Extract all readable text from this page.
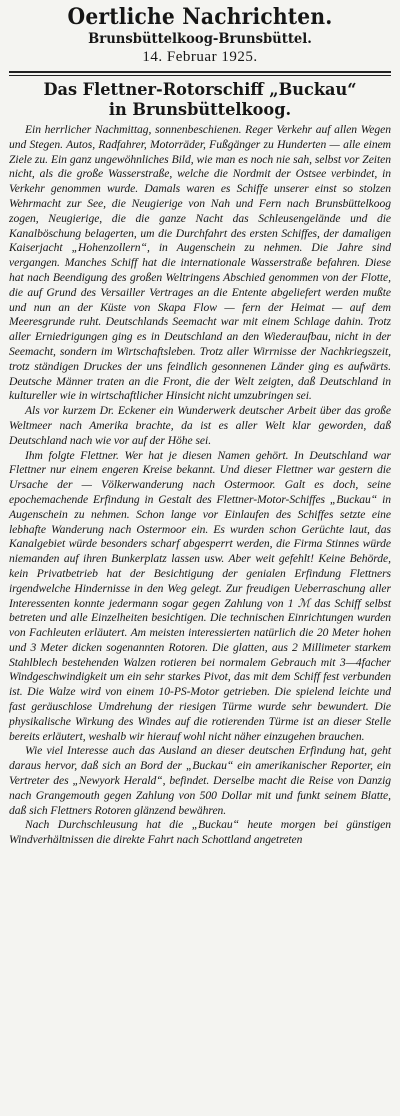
Oertliche Nachrichten.
Brunsbüttelkoog-Brunsbüttel.
14. Februar 1925.
Das Flettner-Rotorschiff „Buckau“
in Brunsbüttelkoog.

Ein herrlicher Nachmittag, sonnenbeschienen. Reger Verkehr auf allen Wegen und Stegen. Autos, Radfahrer, Motorräder, Fußgänger zu Hunderten — alle einem Ziele zu. Ein ganz ungewöhnliches Bild, wie man es noch nie sah, selbst vor Zeiten nicht, als die große Wasserstraße, welche die Nordmit der Ostsee verbindet, in Verkehr genommen wurde. Damals waren es Schiffe unserer einst so stolzen Wehrmacht zur See, die Neugierige von Nah und Fern nach Brunsbüttelkoog zogen, Neugierige, die die ganze Nacht das Schleusengelände und die Kanalböschung belagerten, um die Durchfahrt des ersten Schiffes, der damaligen Kaiserjacht „Hohenzollern“, in Augenschein zu nehmen. Die Jahre sind vergangen. Manches Schiff hat die internationale Wasserstraße befahren. Diese hat nach Beendigung des großen Weltringens Abschied genommen von der Flotte, die auf Grund des Versailler Vertrages an die Entente abgeliefert werden mußte und nun an der Küste von Skapa Flow — fern der Heimat — auf dem Meeresgrunde ruht. Deutschlands Seemacht war mit einem Schlage dahin. Trotz aller Erniedrigungen ging es in Deutschland an den Wiederaufbau, nicht in der Seemacht, sondern im Wirtschaftsleben. Trotz aller Wirrnisse der Nachkriegszeit, trotz ständigen Druckes der uns feindlich gesonnenen Länder ging es aufwärts. Deutsche Männer traten an die Front, die der Welt zeigten, daß Deutschland in kultureller wie in wirtschaftlicher Hinsicht nicht umzubringen sei.

Als vor kurzem Dr. Eckener ein Wunderwerk deutscher Arbeit über das große Weltmeer nach Amerika brachte, da ist es aller Welt klar geworden, daß Deutschland nach wie vor auf der Höhe sei.

Ihm folgte Flettner. Wer hat je diesen Namen gehört. In Deutschland war Flettner nur einem engeren Kreise bekannt. Und dieser Flettner war gestern die Ursache der — Völkerwanderung nach Ostermoor. Galt es doch, seine epochemachende Erfindung in Gestalt des Flettner-Motor-Schiffes „Buckau“ in Augenschein zu nehmen. Schon lange vor Einlaufen des Schiffes setzte eine lebhafte Wanderung nach Ostermoor ein. Es wurden schon Gerüchte laut, das Kanalgebiet würde besonders scharf abgesperrt werden, die Firma Stinnes würde niemanden auf ihren Bunkerplatz lassen usw. Aber weit gefehlt! Keine Behörde, kein Privatbetrieb hat der Besichtigung der genialen Erfindung Flettners irgendwelche Hindernisse in den Weg gelegt. Zur freudigen Ueberraschung aller Interessenten konnte jedermann sogar gegen Zahlung von 1 ℳ das Schiff selbst betreten und alle Einzelheiten besichtigen. Die technischen Einrichtungen wurden von Fachleuten erläutert. Am meisten interessierten natürlich die 20 Meter hohen und 3 Meter dicken sogenannten Rotoren. Die glatten, aus 2 Millimeter starkem Stahlblech bestehenden Walzen rotieren bei normalem Gebrauch mit 3—4facher Windgeschwindigkeit um ein sehr starkes Pivot, das mit dem Schiff fest verbunden ist. Die Walze wird von einem 10-PS-Motor getrieben. Die spielend leichte und fast geräuschlose Umdrehung der riesigen Türme wurde sehr bewundert. Die physikalische Wirkung des Windes auf die rotierenden Türme ist an dieser Stelle bereits erläutert, weshalb wir hierauf wohl nicht näher einzugehen brauchen.

Wie viel Interesse auch das Ausland an dieser deutschen Erfindung hat, geht daraus hervor, daß sich an Bord der „Buckau“ ein amerikanischer Reporter, ein Vertreter des „Newyork Herald“, befindet. Derselbe macht die Reise von Danzig nach Grangemouth gegen Zahlung von 500 Dollar mit und funkt seinem Blatte, daß sich Flettners Rotoren glänzend bewähren.

Nach Durchschleusung hat die „Buckau“ heute morgen bei günstigen Windverhältnissen die direkte Fahrt nach Schottland angetreten
